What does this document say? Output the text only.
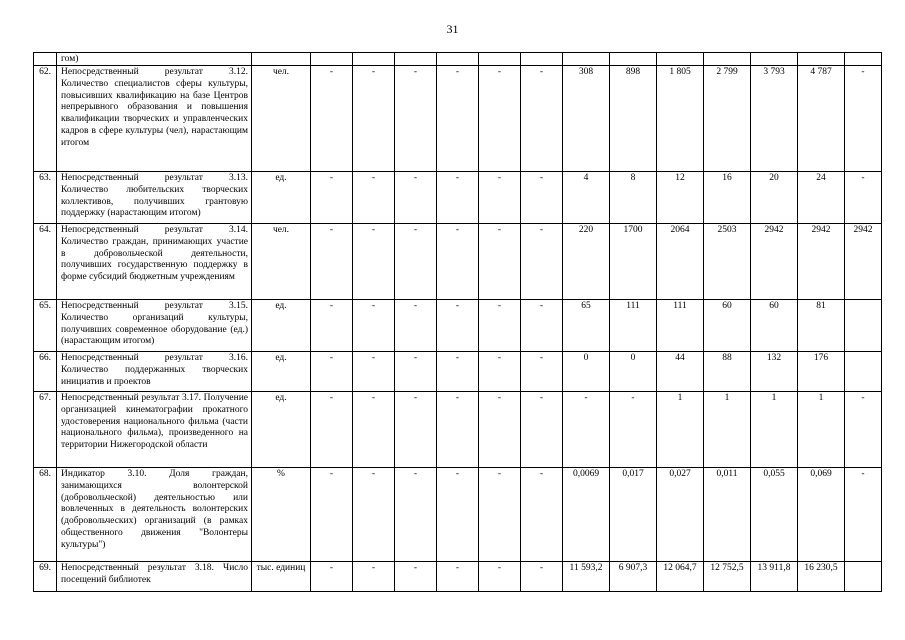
31
	гом)														
62.	Непосредственный результат 3.12. Количество специалистов сферы культуры, повысивших квалификацию на базе Центров непрерывного образования и повышения квалификации творческих и управленческих кадров в сфере культуры (чел), нарастающим итогом	чел.	-	-	-	-	-	-	308	898	1 805	2 799	3 793	4 787	-
63.	Непосредственный результат 3.13. Количество любительских творческих коллективов, получивших грантовую поддержку (нарастающим итогом)	ед.	-	-	-	-	-	-	4	8	12	16	20	24	-
64.	Непосредственный результат 3.14. Количество граждан, принимающих участие в добровольческой деятельности, получивших государственную поддержку в форме субсидий бюджетным учреждениям	чел.	-	-	-	-	-	-	220	1700	2064	2503	2942	2942	2942
65.	Непосредственный результат 3.15. Количество организаций культуры, получивших современное оборудование (ед.) (нарастающим итогом)	ед.	-	-	-	-	-	-	65	111	111	60	60	81	
66.	Непосредственный результат 3.16. Количество поддержанных творческих инициатив и проектов	ед.	-	-	-	-	-	-	0	0	44	88	132	176	
67.	Непосредственный результат 3.17. Получение организацией кинематографии прокатного удостоверения национального фильма (части национального фильма), произведенного на территории Нижегородской области	ед.	-	-	-	-	-	-	-	-	1	1	1	1	-
68.	Индикатор 3.10. Доля граждан, занимающихся волонтерской (добровольческой) деятельностью или вовлеченных в деятельность волонтерских (добровольческих) организаций (в рамках общественного движения "Волонтеры культуры")	%	-	-	-	-	-	-	0,0069	0,017	0,027	0,011	0,055	0,069	-
69.	Непосредственный результат 3.18. Число посещений библиотек	тыс. единиц	-	-	-	-	-	-	11 593,2	6 907,3	12 064,7	12 752,5	13 911,8	16 230,5	
